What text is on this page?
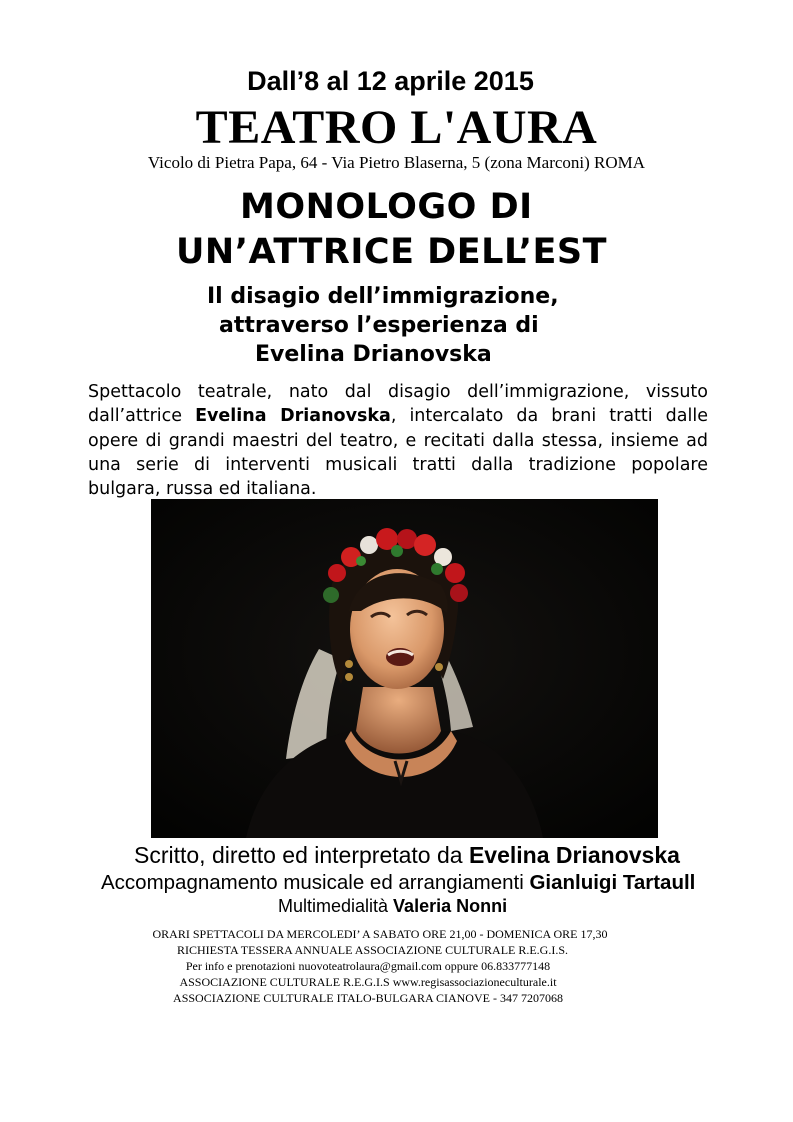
Dall’8 al 12 aprile 2015
TEATRO L'AURA
Vicolo di Pietra Papa, 64 - Via Pietro Blaserna, 5 (zona Marconi) ROMA
MONOLOGO DI
UN’ATTRICE DELL’EST
Il disagio dell’immigrazione,
attraverso l’esperienza di
Evelina Drianovska
Spettacolo teatrale, nato dal disagio dell’immigrazione, vissuto dall’attrice Evelina Drianovska, intercalato da brani tratti dalle opere di grandi maestri del teatro, e recitati dalla stessa, insieme ad una serie di interventi musicali tratti dalla tradizione popolare bulgara, russa ed italiana.
Scritto, diretto ed interpretato da Evelina Drianovska
Accompagnamento musicale ed arrangiamenti Gianluigi Tartaull
Multimedialità Valeria Nonni
ORARI SPETTACOLI DA MERCOLEDI’ A SABATO ORE 21,00 - DOMENICA ORE 17,30
RICHIESTA TESSERA ANNUALE ASSOCIAZIONE CULTURALE R.E.G.I.S.
Per info e prenotazioni nuovoteatrolaura@gmail.com oppure 06.833777148
ASSOCIAZIONE CULTURALE R.E.G.I.S www.regisassociazioneculturale.it
ASSOCIAZIONE CULTURALE ITALO-BULGARA CIANOVE - 347 7207068
